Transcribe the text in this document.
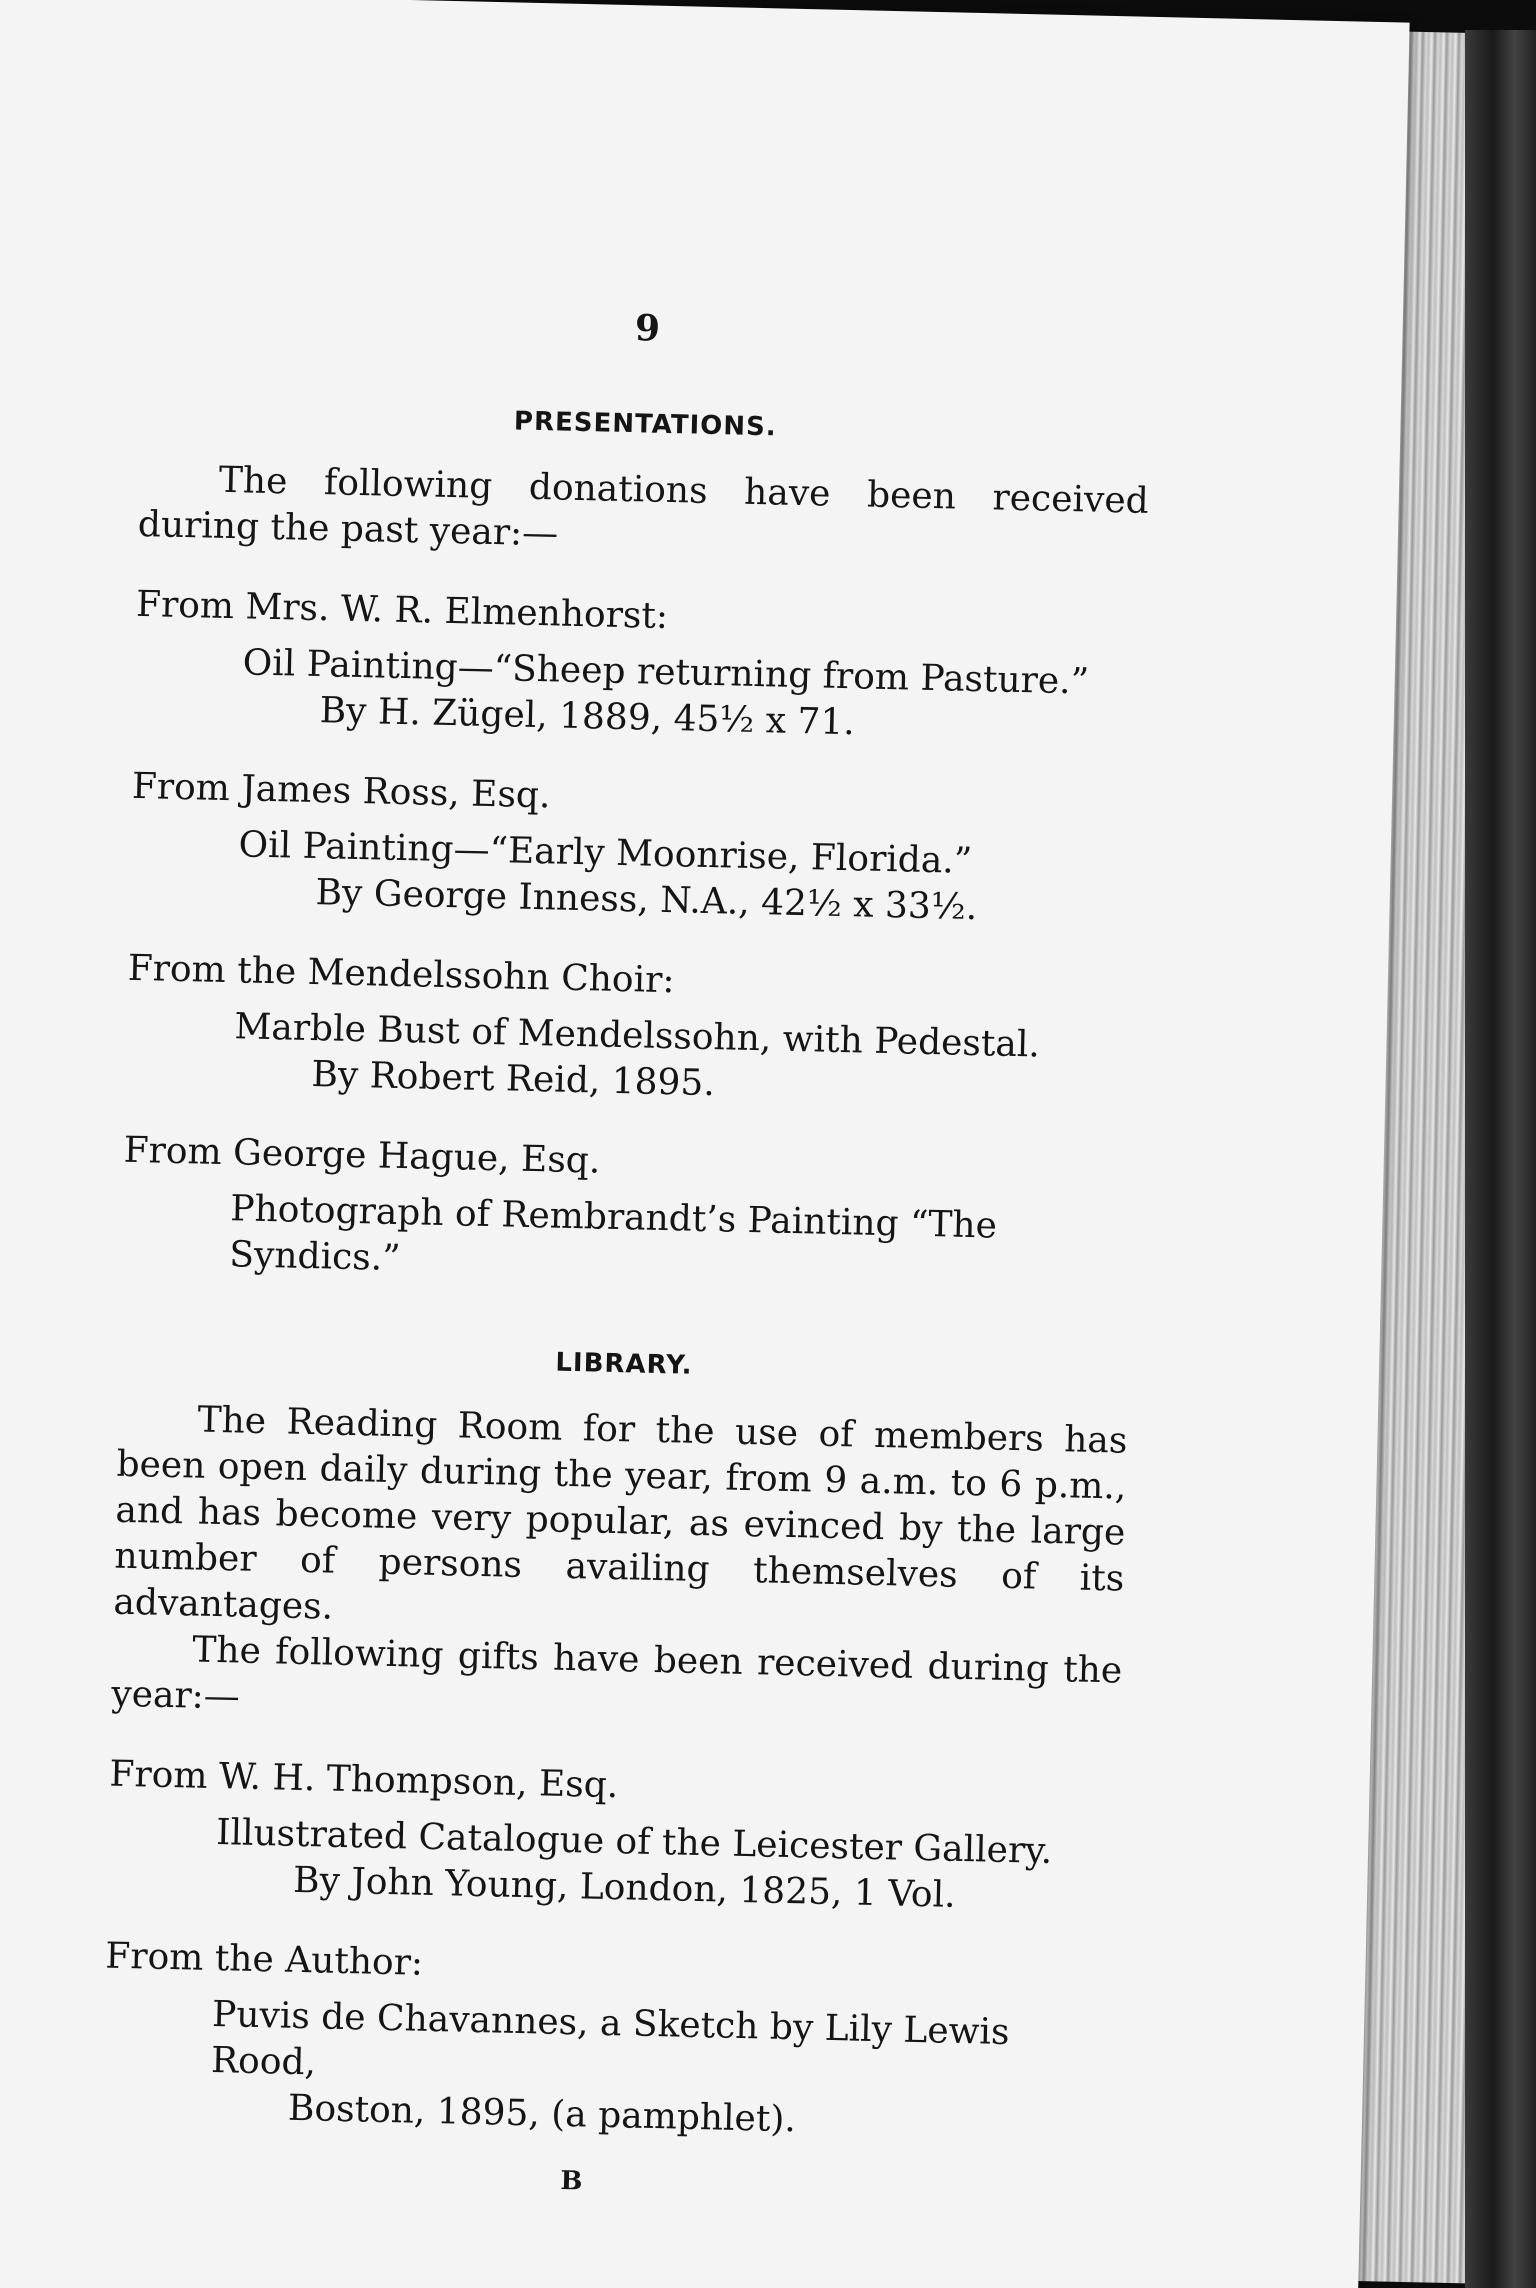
9
PRESENTATIONS.

The following donations have been received during the past year:—

From Mrs. W. R. Elmenhorst:

Oil Painting—“Sheep returning from Pasture.”

By H. Zügel, 1889, 45½ x 71.

From James Ross, Esq.

Oil Painting—“Early Moonrise, Florida.”

By George Inness, N.A., 42½ x 33½.

From the Mendelssohn Choir:

Marble Bust of Mendelssohn, with Pedestal.

By Robert Reid, 1895.

From George Hague, Esq.

Photograph of Rembrandt’s Painting “The Syndics.”

LIBRARY.

The Reading Room for the use of members has been open daily during the year, from 9 a.m. to 6 p.m., and has become very popular, as evinced by the large number of persons availing themselves of its advantages.

The following gifts have been received during the year:—

From W. H. Thompson, Esq.

Illustrated Catalogue of the Leicester Gallery.

By John Young, London, 1825, 1 Vol.

From the Author:

Puvis de Chavannes, a Sketch by Lily Lewis Rood,

Boston, 1895, (a pamphlet).

B
